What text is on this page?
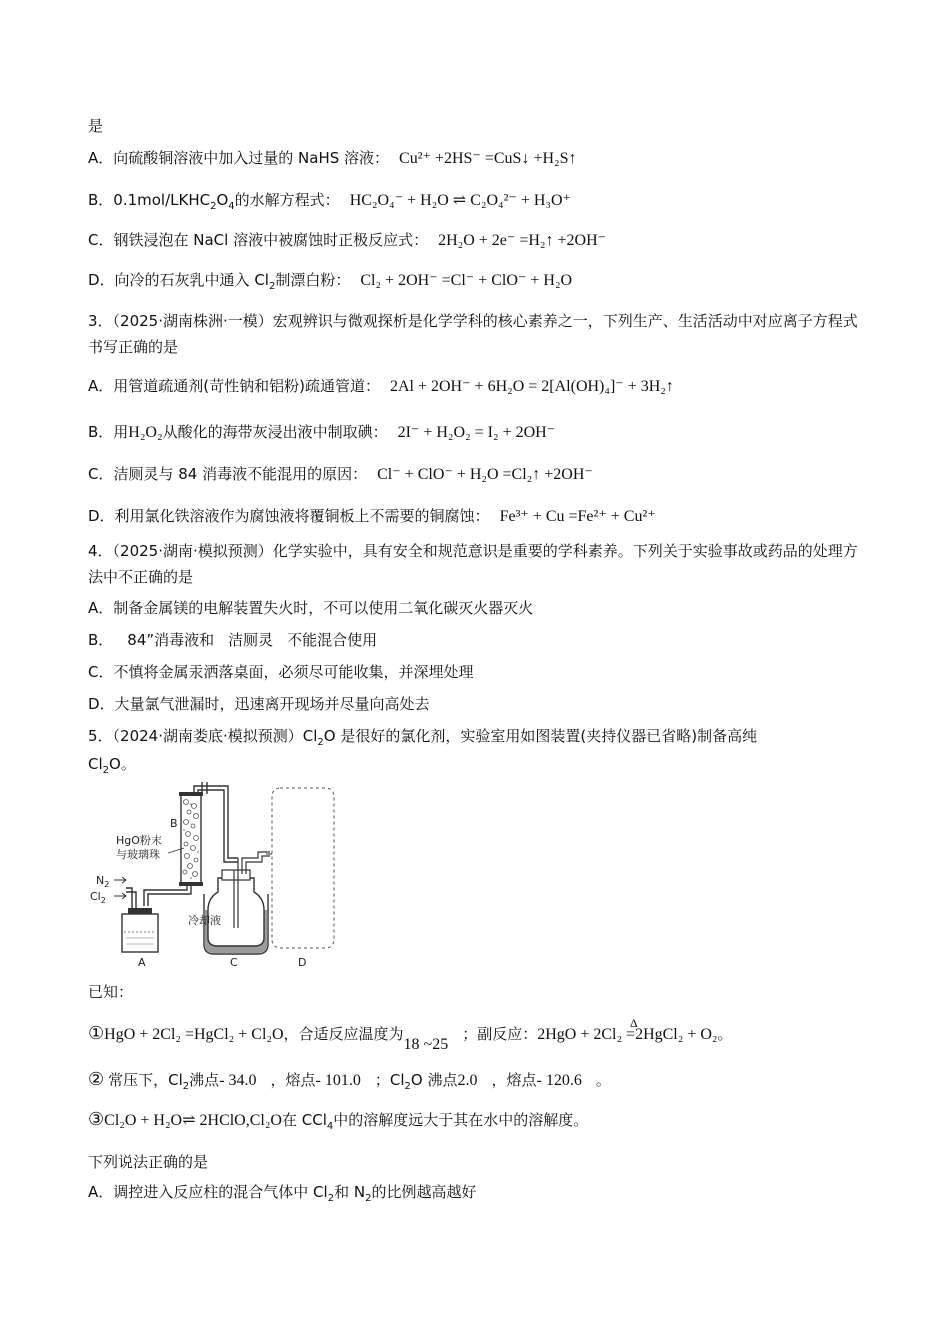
是
A．向硫酸铜溶液中加入过量的 NaHS 溶液： Cu²⁺ +2HS⁻ =CuS↓ +H₂S↑
B．$0.1mol/LKHC_2O_4$的水解方程式： HC₂O₄⁻ + H₂O ⇌ C₂O₄²⁻ + H₃O⁺
C．钢铁浸泡在 NaCl 溶液中被腐蚀时正极反应式： 2H₂O + 2e⁻ =H₂↑ +2OH⁻
D．向冷的石灰乳中通入 $Cl_2$制漂白粉： Cl₂ + 2OH⁻ =Cl⁻ + ClO⁻ + H₂O
3．（2025·湖南株洲·一模）宏观辨识与微观探析是化学学科的核心素养之一，下列生产、生活活动中对应离子方程式书写正确的是
A．用管道疏通剂(苛性钠和铝粉)疏通管道： 2Al + 2OH⁻ + 6H₂O = 2[Al(OH)₄]⁻ + 3H₂↑
B．用H₂O₂从酸化的海带灰浸出液中制取碘： 2I⁻ + H₂O₂ = I₂ + 2OH⁻
C．洁厕灵与 84 消毒液不能混用的原因： Cl⁻ + ClO⁻ + H₂O =Cl₂↑ +2OH⁻
D．利用氯化铁溶液作为腐蚀液将覆铜板上不需要的铜腐蚀： Fe³⁺ + Cu =Fe²⁺ + Cu²⁺
4．（2025·湖南·模拟预测）化学实验中，具有安全和规范意识是重要的学科素养。下列关于实验事故或药品的处理方法中不正确的是
A．制备金属镁的电解装置失火时，不可以使用二氧化碳灭火器灭火
B． 84”消毒液和 洁厕灵 不能混合使用
C．不慎将金属汞洒落桌面，必须尽可能收集，并深埋处理
D．大量氯气泄漏时，迅速离开现场并尽量向高处去
5．（2024·湖南娄底·模拟预测）$Cl_2O$ 是很好的氯化剂，实验室用如图装置(夹持仪器已省略)制备高纯
$Cl_2O$。
B
HgO粉末
与玻璃珠
$N_2$
$Cl_2$
A
冷却液
C	D
已知：
①HgO + 2Cl₂ =HgCl₂ + Cl₂O，合适反应温度为18 ~25；副反应：2HgO + 2Cl₂
Δ
=2HgCl₂ + O₂。
② 常压下，$Cl_2$沸点- 34.0 ，熔点- 101.0 ；$Cl_2O$ 沸点2.0 ，熔点- 120.6 。
③Cl₂O + H₂O⇌ 2HClO,Cl₂O在 CCl$_4$中的溶解度远大于其在水中的溶解度。
下列说法正确的是
A．调控进入反应柱的混合气体中 $Cl_2$和 $N_2$的比例越高越好
